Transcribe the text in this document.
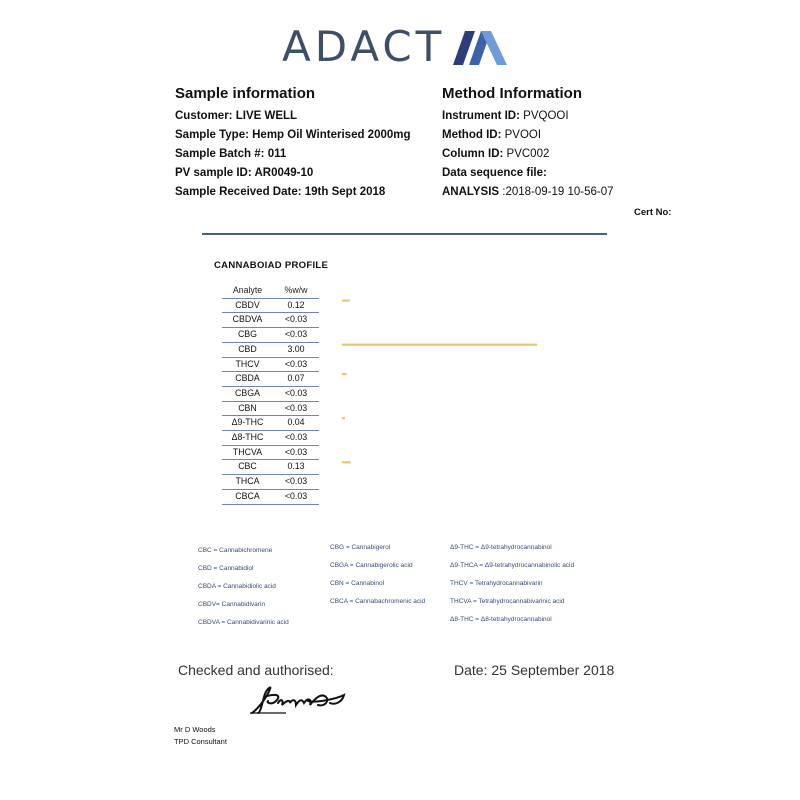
ADACT
Sample information
Customer: LIVE WELL
Sample Type: Hemp Oil Winterised 2000mg
Sample Batch #: 011
PV sample ID: AR0049-10
Sample Received Date: 19th Sept 2018
Method Information
Instrument ID: PVQOOI
Method ID: PVOOI
Column ID: PVC002
Data sequence file:
ANALYSIS :2018-09-19 10-56-07
Cert No:
CANNABOIAD PROFILE
Analyte	%w/w
CBDV	0.12
CBDVA	<0.03
CBG	<0.03
CBD	3.00
THCV	<0.03
CBDA	0.07
CBGA	<0.03
CBN	<0.03
Δ9-THC	0.04
Δ8-THC	<0.03
THCVA	<0.03
CBC	0.13
THCA	<0.03
CBCA	<0.03
CBC = Cannabichromene
CBD = Cannabidiol
CBDA = Cannabidiolic acid
CBDV= Cannabidivarin
CBDVA = Cannabidivarinic acid
CBG = Cannabigerol
CBGA = Cannabigerolic acid
CBN = Cannabinol
CBCA = Cannabachromenic acid
Δ9-THC = Δ9-tetrahydrocannabinol
Δ9-THCA = Δ9-tetrahydrocannabinolic acid
THCV = Tetrahydrocannabivarin
THCVA = Tetrahydrocannabivarinic acid
Δ8-THC = Δ8-tetrahydrocannabinol
Checked and authorised:	Date: 25 September 2018
Mr D Woods
TPD Consultant
